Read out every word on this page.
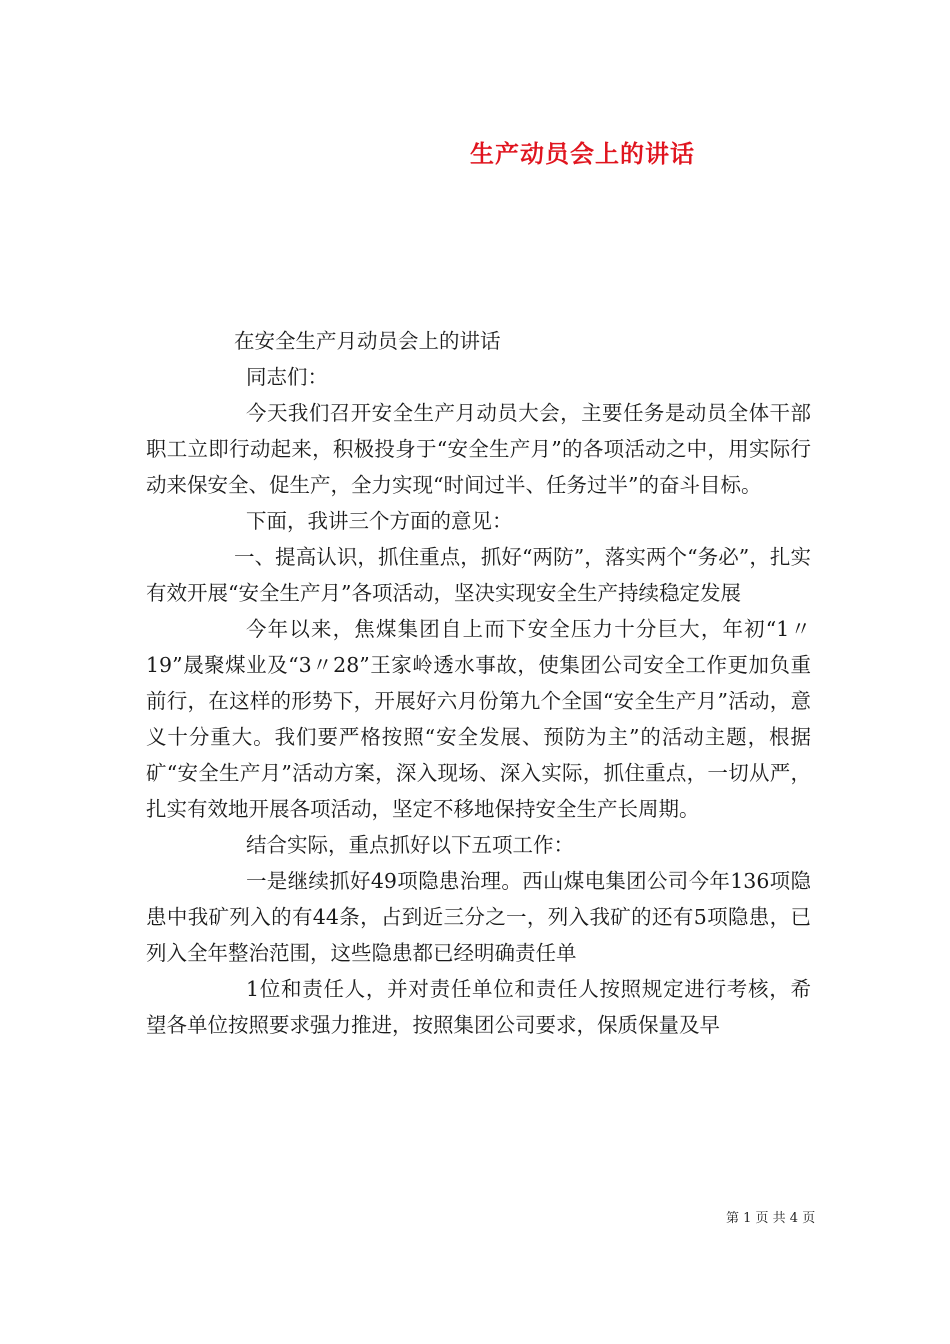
生产动员会上的讲话

在安全生产月动员会上的讲话

同志们：

今天我们召开安全生产月动员大会，主要任务是动员全体干部职工立即行动起来，积极投身于“安全生产月”的各项活动之中，用实际行动来保安全、促生产，全力实现“时间过半、任务过半”的奋斗目标。

下面，我讲三个方面的意见：

一、提高认识，抓住重点，抓好“两防”，落实两个“务必”，扎实有效开展“安全生产月”各项活动，坚决实现安全生产持续稳定发展

今年以来，焦煤集团自上而下安全压力十分巨大，年初“1〃19”晟聚煤业及“3〃28”王家岭透水事故，使集团公司安全工作更加负重前行，在这样的形势下，开展好六月份第九个全国“安全生产月”活动，意义十分重大。我们要严格按照“安全发展、预防为主”的活动主题，根据矿“安全生产月”活动方案，深入现场、深入实际，抓住重点，一切从严，扎实有效地开展各项活动，坚定不移地保持安全生产长周期。

结合实际，重点抓好以下五项工作：

一是继续抓好49项隐患治理。西山煤电集团公司今年136项隐患中我矿列入的有44条，占到近三分之一，列入我矿的还有5项隐患，已列入全年整治范围，这些隐患都已经明确责任单

1位和责任人，并对责任单位和责任人按照规定进行考核，希望各单位按照要求强力推进，按照集团公司要求，保质保量及早

第 1 页 共 4 页
